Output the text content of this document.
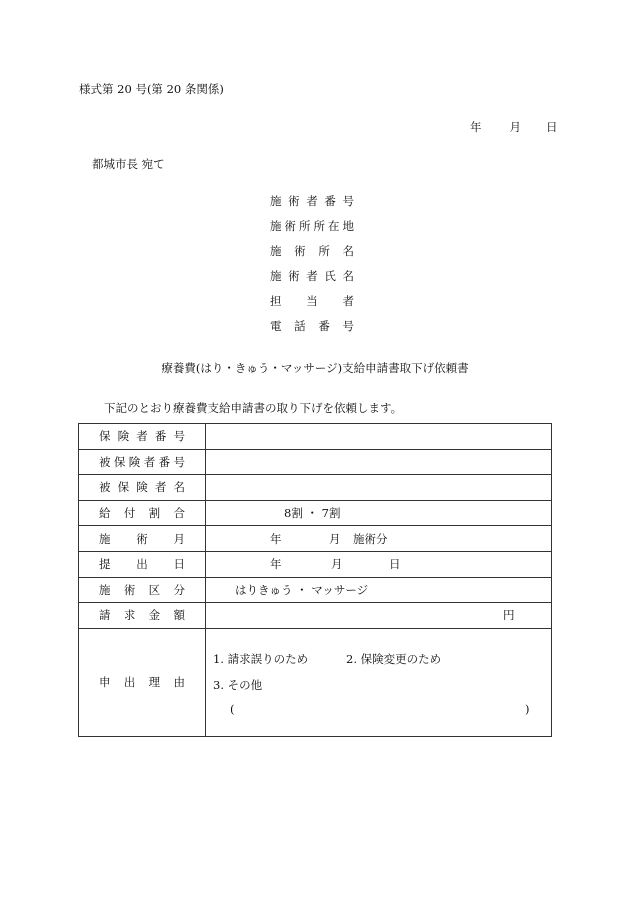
様式第 20 号(第 20 条関係)
年 月 日
都城市長 宛て
施術者番号
施術所所在地
施術所名
施術者氏名
担当者
電話番号
療養費(はり・きゅう・マッサージ)支給申請書取下げ依頼書
下記のとおり療養費支給申請書の取り下げを依頼します。
保険者番号	

被保険者番号	

被保険者名	

給付割合	8割 ・ 7割

施術月	年 月 施術分

提出日	年 月 日

施術区分	はりきゅう ・ マッサージ

請求金額	円

申出理由	1. 請求誤りのため 2. 保険変更のため
3. その他
( )
